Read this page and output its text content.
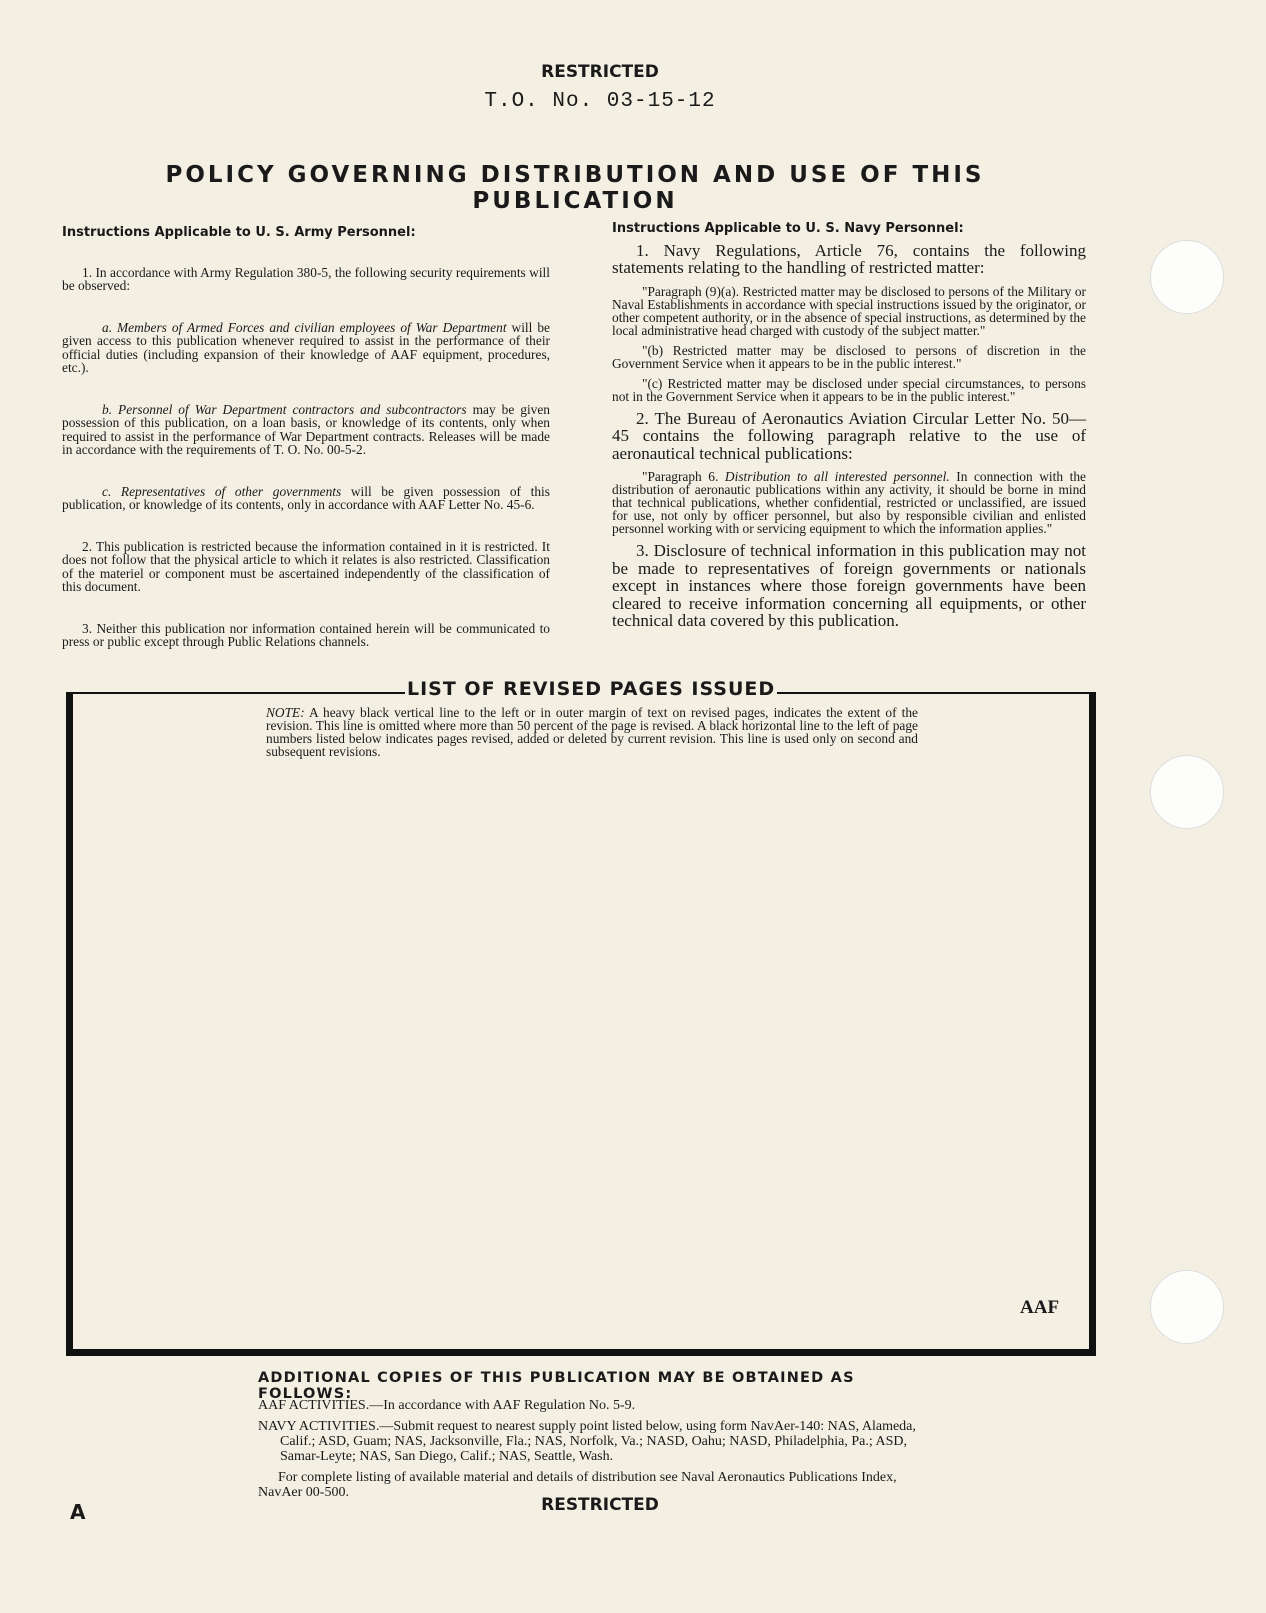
RESTRICTED
T.O. No. 03-15-12
POLICY GOVERNING DISTRIBUTION AND USE OF THIS PUBLICATION
Instructions Applicable to U. S. Army Personnel:

1. In accordance with Army Regulation 380-5, the following security requirements will be observed:

a. Members of Armed Forces and civilian employees of War Department will be given access to this publication whenever required to assist in the performance of their official duties (including expansion of their knowledge of AAF equipment, procedures, etc.).

b. Personnel of War Department contractors and subcontractors may be given possession of this publication, on a loan basis, or knowledge of its contents, only when required to assist in the performance of War Department contracts. Releases will be made in accordance with the requirements of T. O. No. 00-5-2.

c. Representatives of other governments will be given possession of this publication, or knowledge of its contents, only in accordance with AAF Letter No. 45-6.

2. This publication is restricted because the information contained in it is restricted. It does not follow that the physical article to which it relates is also restricted. Classification of the materiel or component must be ascertained independently of the classification of this document.

3. Neither this publication nor information contained herein will be communicated to press or public except through Public Relations channels.

Instructions Applicable to U. S. Navy Personnel:

1. Navy Regulations, Article 76, contains the following statements relating to the handling of restricted matter:

"Paragraph (9)(a). Restricted matter may be disclosed to persons of the Military or Naval Establishments in accordance with special instructions issued by the originator, or other competent authority, or in the absence of special instructions, as determined by the local administrative head charged with custody of the subject matter."

"(b) Restricted matter may be disclosed to persons of discretion in the Government Service when it appears to be in the public interest."

"(c) Restricted matter may be disclosed under special circumstances, to persons not in the Government Service when it appears to be in the public interest."

2. The Bureau of Aeronautics Aviation Circular Letter No. 50—45 contains the following paragraph relative to the use of aeronautical technical publications:

"Paragraph 6. Distribution to all interested personnel. In connection with the distribution of aeronautic publications within any activity, it should be borne in mind that technical publications, whether confidential, restricted or unclassified, are issued for use, not only by officer personnel, but also by responsible civilian and enlisted personnel working with or servicing equipment to which the information applies."

3. Disclosure of technical information in this publication may not be made to representatives of foreign governments or nationals except in instances where those foreign governments have been cleared to receive information concerning all equipments, or other technical data covered by this publication.

LIST OF REVISED PAGES ISSUED
NOTE: A heavy black vertical line to the left or in outer margin of text on revised pages, indicates the extent of the revision. This line is omitted where more than 50 percent of the page is revised. A black horizontal line to the left of page numbers listed below indicates pages revised, added or deleted by current revision. This line is used only on second and subsequent revisions.
AAF
ADDITIONAL COPIES OF THIS PUBLICATION MAY BE OBTAINED AS FOLLOWS:

AAF ACTIVITIES.—In accordance with AAF Regulation No. 5-9.

NAVY ACTIVITIES.—Submit request to nearest supply point listed below, using form NavAer-140: NAS, Alameda, Calif.; ASD, Guam; NAS, Jacksonville, Fla.; NAS, Norfolk, Va.; NASD, Oahu; NASD, Philadelphia, Pa.; ASD, Samar-Leyte; NAS, San Diego, Calif.; NAS, Seattle, Wash.

For complete listing of available material and details of distribution see Naval Aeronautics Publications Index, NavAer 00-500.

A	RESTRICTED
